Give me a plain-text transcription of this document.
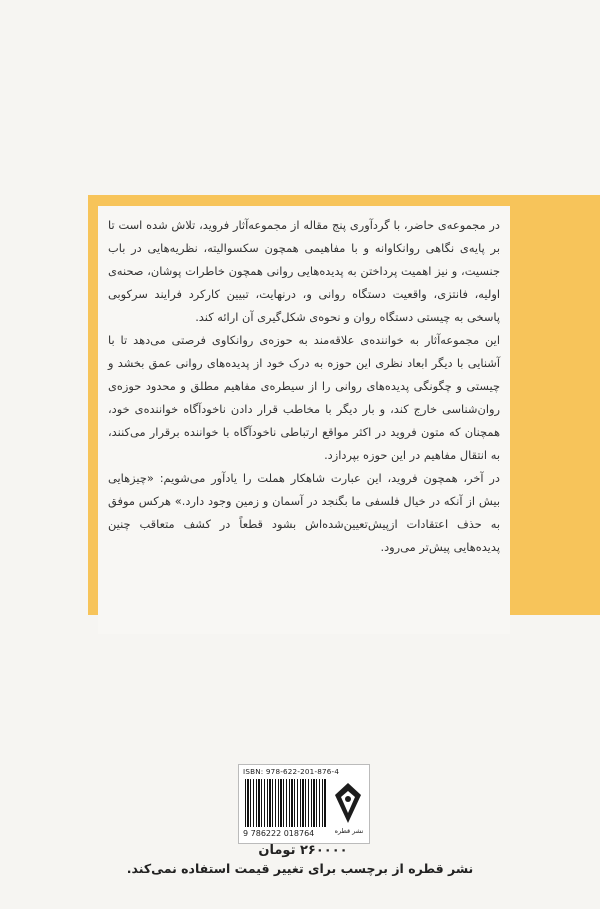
در مجموعه‌ی حاضر، با گردآوری پنج مقاله از مجموعه‌آثار فروید، تلاش شده است تا بر پایه‌ی نگاهی روانکاوانه و با مفاهیمی همچون سکسوالیته، نظریه‌هایی در باب جنسیت، و نیز اهمیت پرداختن به پدیده‌هایی روانی همچون خاطرات پوشان، صحنه‌ی اولیه، فانتزی، واقعیت دستگاه روانی و، درنهایت، تبیین کارکرد فرایند سرکوبی پاسخی به چیستی دستگاه روان و نحوه‌ی شکل‌گیری آن ارائه کند.

این مجموعه‌آثار به خواننده‌ی علاقه‌مند به حوزه‌ی روانکاوی فرصتی می‌دهد تا با آشنایی با دیگر ابعاد نظری این حوزه به درک خود از پدیده‌های روانی عمق بخشد و چیستی و چگونگی پدیده‌های روانی را از سیطره‌ی مفاهیم مطلق و محدود حوزه‌ی روان‌شناسی خارج کند، و بار دیگر با مخاطب قرار دادن ناخودآگاه خواننده‌ی خود، همچنان که متون فروید در اکثر مواقع ارتباطی ناخودآگاه با خواننده برقرار می‌کنند، به انتقال مفاهیم در این حوزه بپردازد.

در آخر، همچون فروید، این عبارت شاهکار هملت را یادآور می‌شویم: «چیزهایی بیش از آنکه در خیال فلسفی ما بگنجد در آسمان و زمین وجود دارد.» هرکس موفق به حذف اعتقادات ازپیش‌تعیین‌شده‌اش بشود قطعاً در کشف متعاقب چنین پدیده‌هایی پیش‌تر می‌رود.

ISBN: 978-622-201-876-4
9 786222 018764	نشر قطره
۲۶۰۰۰۰ تومان
نشر قطره از برچسب برای تغییر قیمت استفاده نمی‌کند.
